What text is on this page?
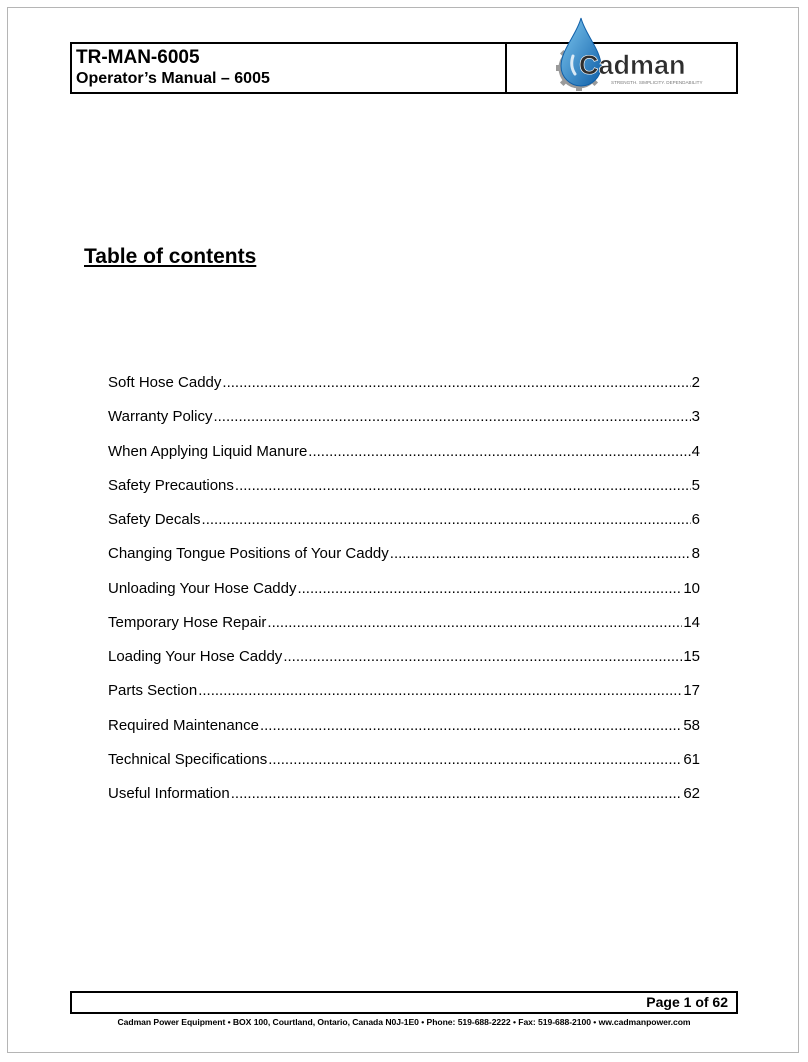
TR-MAN-6005
Operator’s Manual – 6005	Cadman
STRENGTH. SIMPLICITY. DEPENDABILITY
Table of contents
Soft Hose Caddy .....	2
Warranty Policy .....	3
When Applying Liquid Manure .....	4
Safety Precautions .....	5
Safety Decals .....	6
Changing Tongue Positions of Your Caddy .....	8
Unloading Your Hose Caddy .....	10
Temporary Hose Repair .....	14
Loading Your Hose Caddy .....	15
Parts Section .....	17
Required Maintenance .....	58
Technical Specifications .....	61
Useful Information .....	62
Page 1 of 62
Cadman Power Equipment • BOX 100, Courtland, Ontario, Canada N0J-1E0 • Phone: 519-688-2222 • Fax: 519-688-2100 • ww.cadmanpower.com
